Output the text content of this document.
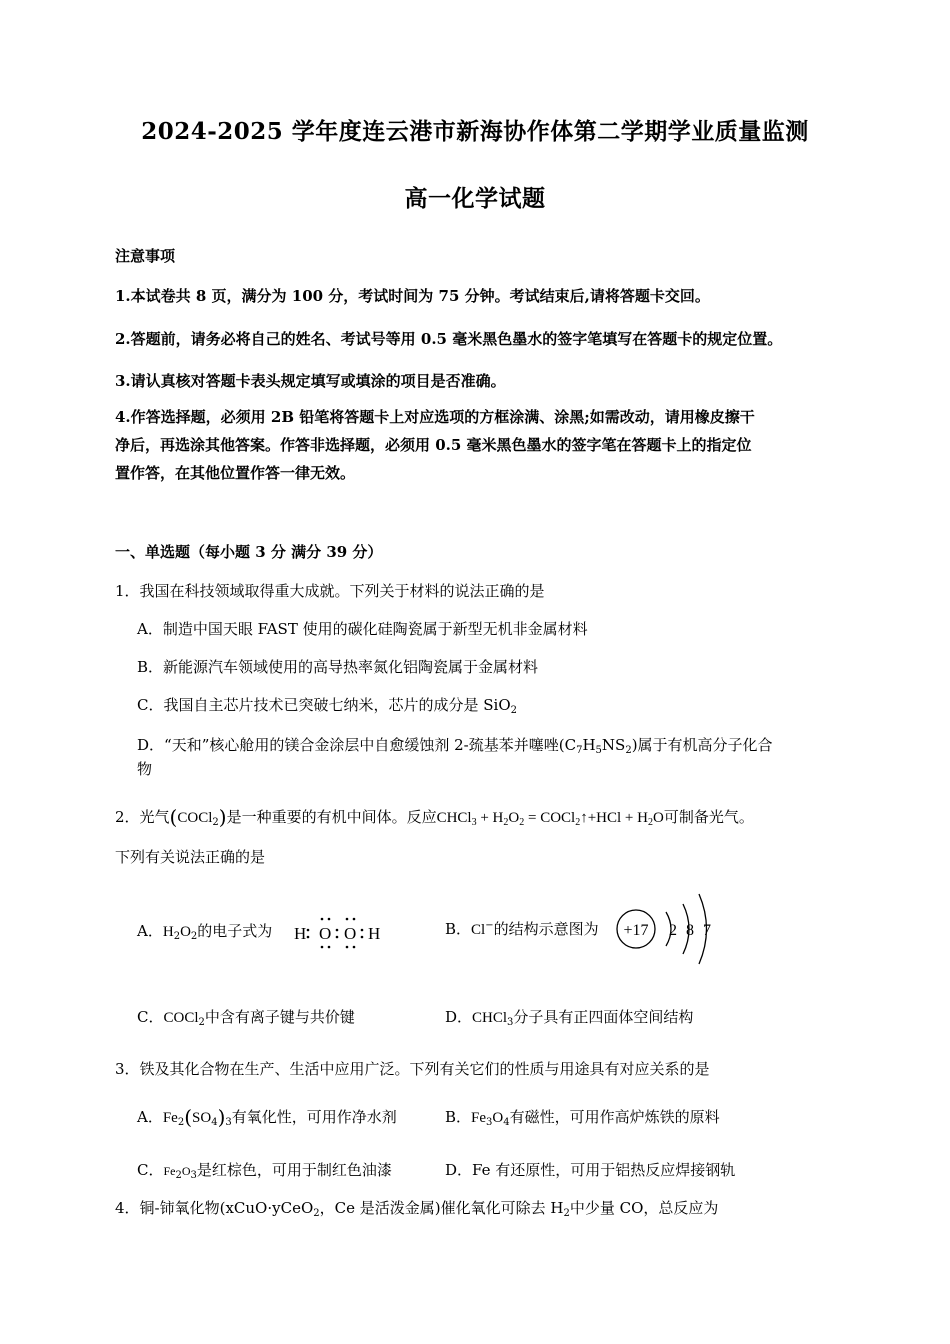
2024-2025 学年度连云港市新海协作体第二学期学业质量监测
高一化学试题
注意事项
1.本试卷共 8 页，满分为 100 分，考试时间为 75 分钟。考试结束后,请将答题卡交回。
2.答题前，请务必将自己的姓名、考试号等用 0.5 毫米黑色墨水的签字笔填写在答题卡的规定位置。
3.请认真核对答题卡表头规定填写或填涂的项目是否准确。
4.作答选择题，必须用 2B 铅笔将答题卡上对应选项的方框涂满、涂黑;如需改动，请用橡皮擦干
净后，再选涂其他答案。作答非选择题，必须用 0.5 毫米黑色墨水的签字笔在答题卡上的指定位
置作答，在其他位置作答一律无效。
一、单选题（每小题 3 分 满分 39 分）
1．我国在科技领域取得重大成就。下列关于材料的说法正确的是
A．制造中国天眼 FAST 使用的碳化硅陶瓷属于新型无机非金属材料
B．新能源汽车领域使用的高导热率氮化铝陶瓷属于金属材料
C．我国自主芯片技术已突破七纳米，芯片的成分是 SiO$_2$
D．“天和”核心舱用的镁合金涂层中自愈缓蚀剂 2-巯基苯并噻唑$(C_7H_5NS_2)$属于有机高分子化合
物
2．光气(COCl$_2$)是一种重要的有机中间体。反应CHCl$_3$ + $H_2O_2$ = COCl$_2$↑+HCl + $H_2O$可制备光气。
下列有关说法正确的是
A．$H_2O_2$的电子式为 H O O H	B．Cl−的结构示意图为 +17 2 8 7
C．COCl$_2$中含有离子键与共价键	D．CHCl$_3$分子具有正四面体空间结构
3．铁及其化合物在生产、生活中应用广泛。下列有关它们的性质与用途具有对应关系的是
A．$Fe_2(SO_4)_3$有氧化性，可用作净水剂	B．$Fe_3O_4$有磁性，可用作高炉炼铁的原料
C．$Fe_2O_3$是红棕色，可用于制红色油漆	D．Fe 有还原性，可用于铝热反应焊接钢轨
4．铜-铈氧化物(xCuO·yCeO$_2$，Ce 是活泼金属)催化氧化可除去 $H_2$中少量 CO，总反应为
